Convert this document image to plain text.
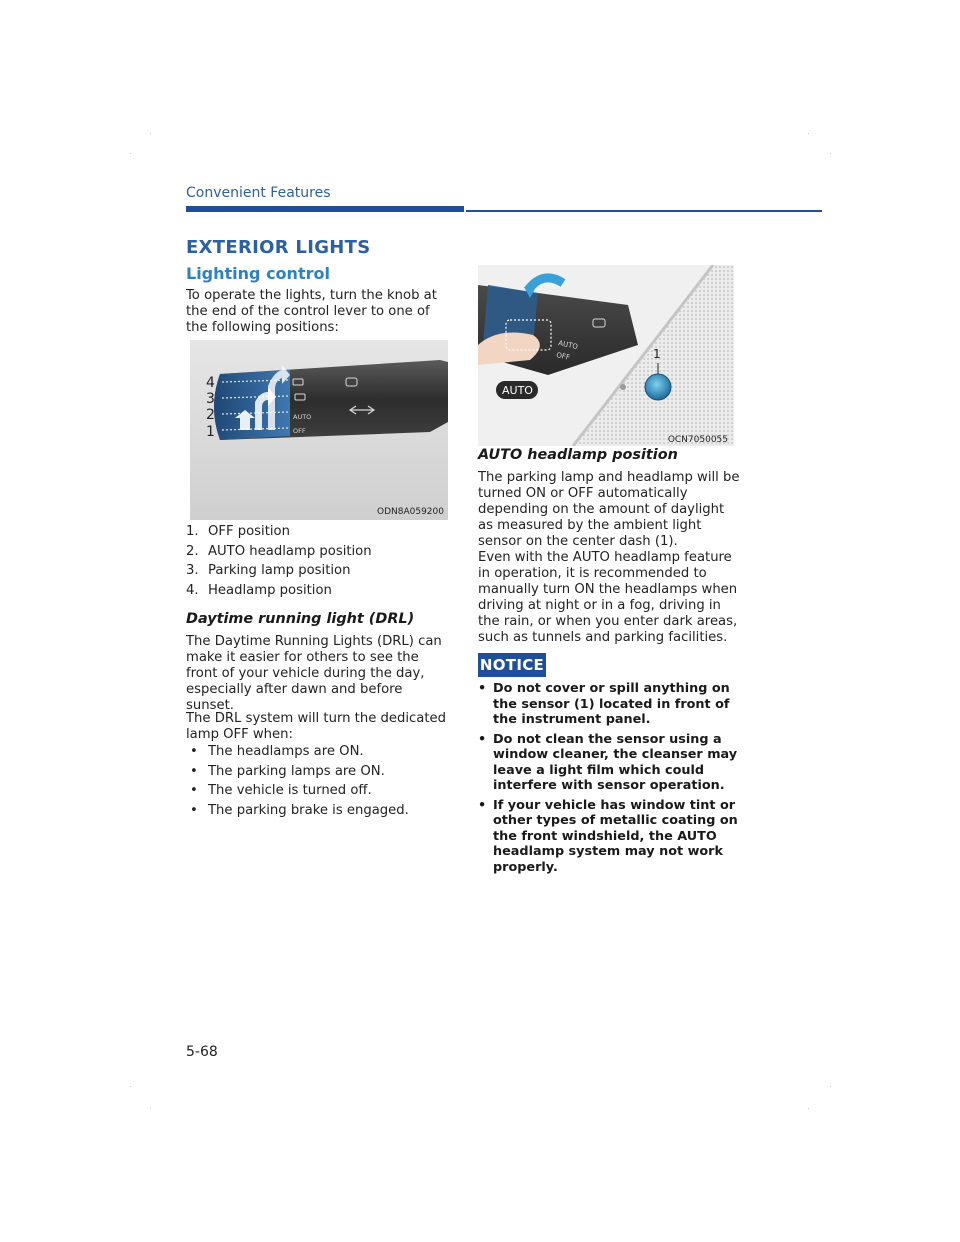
Convenient Features
EXTERIOR LIGHTS
Lighting control
To operate the lights, turn the knob at the end of the control lever to one of the following positions:
AUTO
OFF
4
3
2
1
ODN8A059200
1. OFF position
2. AUTO headlamp position
3. Parking lamp position
4. Headlamp position
Daytime running light (DRL)
The Daytime Running Lights (DRL) can make it easier for others to see the front of your vehicle during the day, especially after dawn and before sunset.
The DRL system will turn the dedicated lamp OFF when:
• The headlamps are ON.
• The parking lamps are ON.
• The vehicle is turned off.
• The parking brake is engaged.
AUTO
OFF	1
AUTO
OCN7050055
AUTO headlamp position
The parking lamp and headlamp will be turned ON or OFF automatically depending on the amount of daylight as measured by the ambient light sensor on the center dash (1).
Even with the AUTO headlamp feature in operation, it is recommended to manually turn ON the headlamps when driving at night or in a fog, driving in the rain, or when you enter dark areas, such as tunnels and parking facilities.
NOTICE
• Do not cover or spill anything on the sensor (1) located in front of the instrument panel.
• Do not clean the sensor using a window cleaner, the cleanser may leave a light film which could interfere with sensor operation.
• If your vehicle has window tint or other types of metallic coating on the front windshield, the AUTO headlamp system may not work properly.
5-68
